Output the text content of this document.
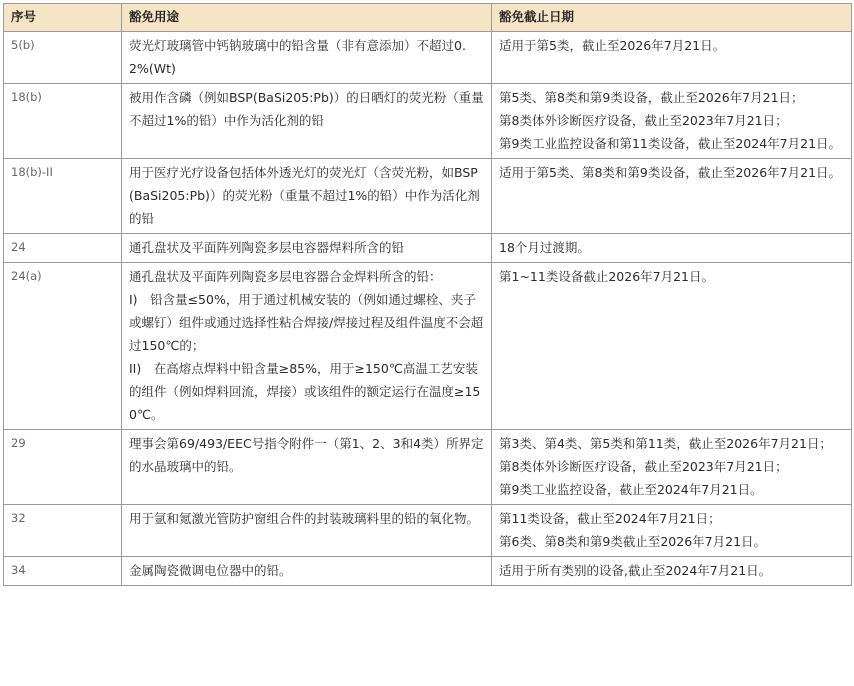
序号	豁免用途	豁免截止日期
5(b)	荧光灯玻璃管中钙钠玻璃中的铅含量（非有意添加）不超过0.2%(Wt)	适用于第5类，截止至2026年7月21日。

18(b)	被用作含磷（例如BSP(BaSi205:Pb)）的日晒灯的荧光粉（重量不超过1%的铅）中作为活化剂的铅	第5类、第8类和第9类设备，截止至2026年7月21日；
第8类体外诊断医疗设备，截止至2023年7月21日；
第9类工业监控设备和第11类设备，截止至2024年7月21日。

18(b)-II	用于医疗光疗设备包括体外透光灯的荧光灯（含荧光粉，如BSP(BaSi205:Pb)）的荧光粉（重量不超过1%的铅）中作为活化剂的铅	适用于第5类、第8类和第9类设备，截止至2026年7月21日。

24	通孔盘状及平面阵列陶瓷多层电容器焊料所含的铅	18个月过渡期。

24(a)	通孔盘状及平面阵列陶瓷多层电容器合金焊料所含的铅：
I)　铅含量≤50%，用于通过机械安装的（例如通过螺栓、夹子或螺钉）组件或通过选择性粘合焊接/焊接过程及组件温度不会超过150℃的；
II)　在高熔点焊料中铅含量≥85%，用于≥150℃高温工艺安装的组件（例如焊料回流，焊接）或该组件的额定运行在温度≥150℃。	第1~11类设备截止2026年7月21日。

29	理事会第69/493/EEC号指令附件一（第1、2、3和4类）所界定的水晶玻璃中的铅。	第3类、第4类、第5类和第11类，截止至2026年7月21日；
第8类体外诊断医疗设备，截止至2023年7月21日；
第9类工业监控设备，截止至2024年7月21日。

32	用于氩和氪激光管防护窗组合件的封装玻璃料里的铅的氧化物。	第11类设备，截止至2024年7月21日；
第6类、第8类和第9类截止至2026年7月21日。

34	金属陶瓷微调电位器中的铅。	适用于所有类别的设备,截止至2024年7月21日。
